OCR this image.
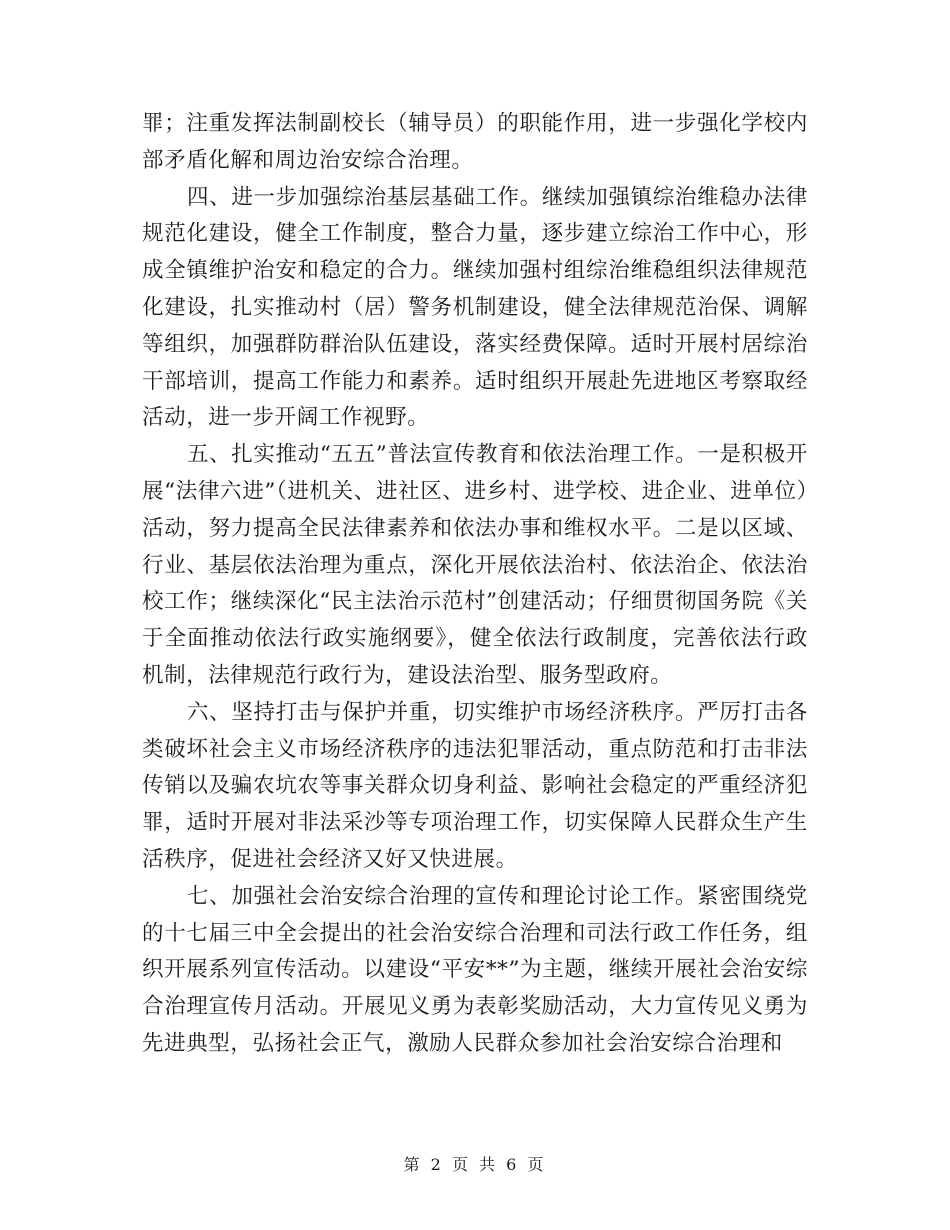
罪；注重发挥法制副校长（辅导员）的职能作用，进一步强化学校内部矛盾化解和周边治安综合治理。

四、进一步加强综治基层基础工作。继续加强镇综治维稳办法律规范化建设，健全工作制度，整合力量，逐步建立综治工作中心，形成全镇维护治安和稳定的合力。继续加强村组综治维稳组织法律规范化建设，扎实推动村（居）警务机制建设，健全法律规范治保、调解等组织，加强群防群治队伍建设，落实经费保障。适时开展村居综治干部培训，提高工作能力和素养。适时组织开展赴先进地区考察取经活动，进一步开阔工作视野。

五、扎实推动“五五”普法宣传教育和依法治理工作。一是积极开展“法律六进”（进机关、进社区、进乡村、进学校、进企业、进单位）活动，努力提高全民法律素养和依法办事和维权水平。二是以区域、行业、基层依法治理为重点，深化开展依法治村、依法治企、依法治校工作；继续深化“民主法治示范村”创建活动；仔细贯彻国务院《关于全面推动依法行政实施纲要》，健全依法行政制度，完善依法行政机制，法律规范行政行为，建设法治型、服务型政府。

六、坚持打击与保护并重，切实维护市场经济秩序。严厉打击各类破坏社会主义市场经济秩序的违法犯罪活动，重点防范和打击非法传销以及骗农坑农等事关群众切身利益、影响社会稳定的严重经济犯罪，适时开展对非法采沙等专项治理工作，切实保障人民群众生产生活秩序，促进社会经济又好又快进展。

七、加强社会治安综合治理的宣传和理论讨论工作。紧密围绕党的十七届三中全会提出的社会治安综合治理和司法行政工作任务，组织开展系列宣传活动。以建设“平安**”为主题，继续开展社会治安综合治理宣传月活动。开展见义勇为表彰奖励活动，大力宣传见义勇为先进典型，弘扬社会正气，激励人民群众参加社会治安综合治理和

第 2 页 共 6 页
